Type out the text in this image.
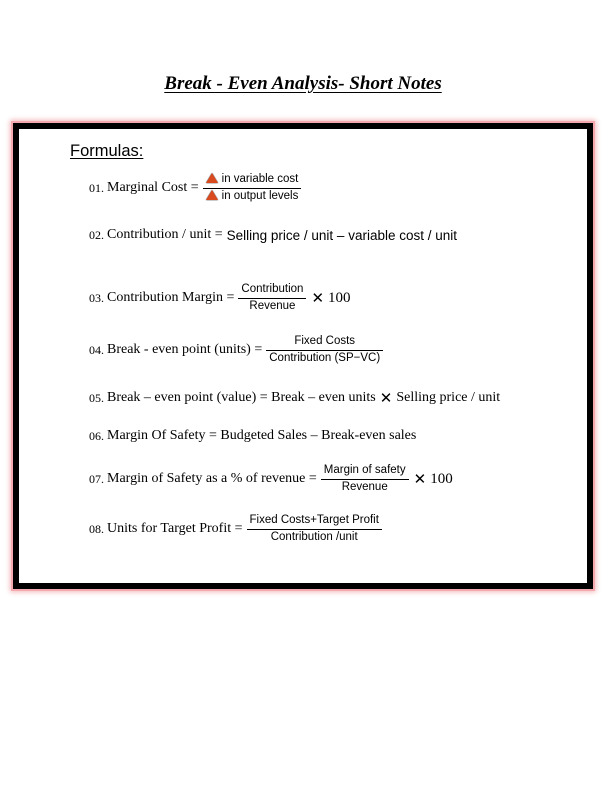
Break - Even Analysis- Short Notes
Formulas:
01. Marginal Cost = $\frac{\text{in variable cost}}{\text{in output levels}}$
02. Contribution / unit = Selling price / unit – variable cost / unit
03. Contribution Margin = $\frac{\text{Contribution}}{\text{Revenue}}$ ✕ 100
04. Break - even point (units) = $\frac{\text{Fixed Costs}}{\text{Contribution (SP−VC)}}$
05. Break – even point (value) = Break – even units ✕ Selling price / unit
06. Margin Of Safety = Budgeted Sales – Break-even sales
07. Margin of Safety as a % of revenue = $\frac{\text{Margin of safety}}{\text{Revenue}}$ ✕ 100
08. Units for Target Profit = $\frac{\text{Fixed Costs+Target Profit}}{\text{Contribution /unit}}$
